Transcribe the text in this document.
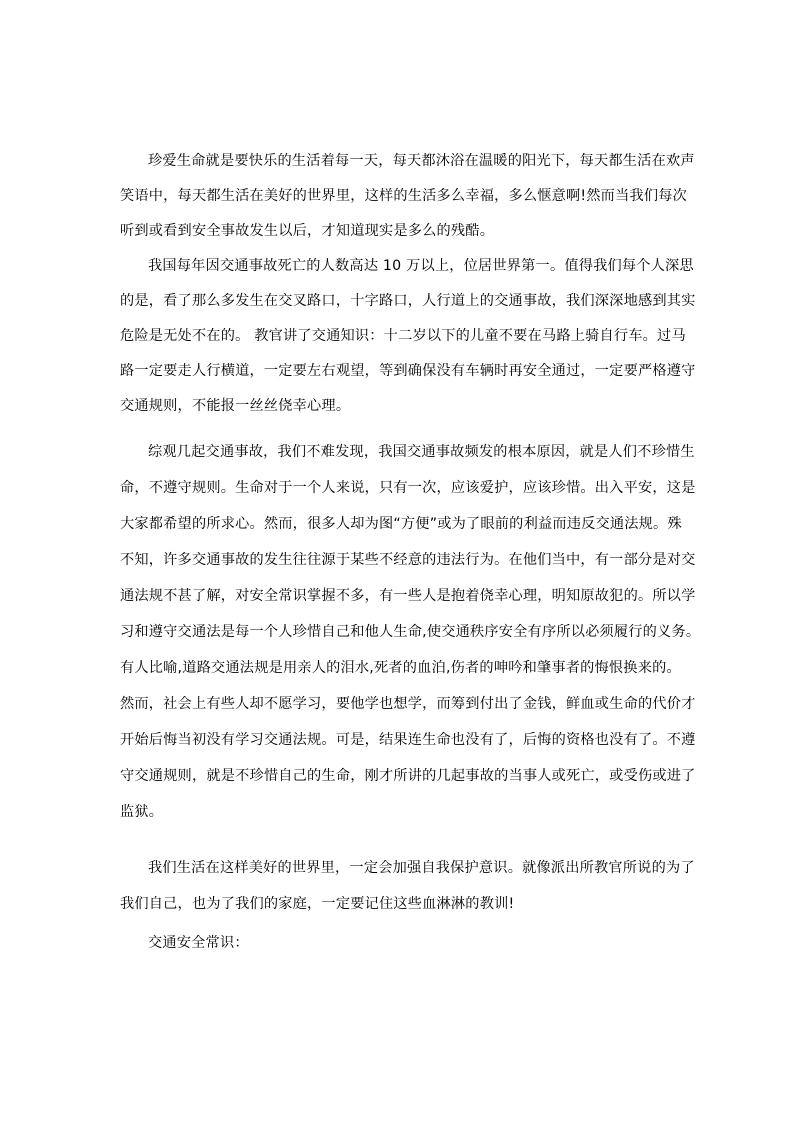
珍爱生命就是要快乐的生活着每一天，每天都沐浴在温暖的阳光下，每天都生活在欢声
笑语中，每天都生活在美好的世界里，这样的生活多么幸福，多么惬意啊!然而当我们每次
听到或看到安全事故发生以后，才知道现实是多么的残酷。
我国每年因交通事故死亡的人数高达 10 万以上，位居世界第一。值得我们每个人深思
的是，看了那么多发生在交叉路口，十字路口，人行道上的交通事故，我们深深地感到其实
危险是无处不在的。 教官讲了交通知识：十二岁以下的儿童不要在马路上骑自行车。过马
路一定要走人行横道，一定要左右观望，等到确保没有车辆时再安全通过，一定要严格遵守
交通规则，不能报一丝丝侥幸心理。
综观几起交通事故，我们不难发现，我国交通事故频发的根本原因，就是人们不珍惜生
命，不遵守规则。生命对于一个人来说，只有一次，应该爱护，应该珍惜。出入平安，这是
大家都希望的所求心。然而，很多人却为图“方便”或为了眼前的利益而违反交通法规。殊
不知，许多交通事故的发生往往源于某些不经意的违法行为。在他们当中，有一部分是对交
通法规不甚了解，对安全常识掌握不多，有一些人是抱着侥幸心理，明知原故犯的。所以学
习和遵守交通法是每一个人珍惜自己和他人生命,使交通秩序安全有序所以必须履行的义务。
有人比喻,道路交通法规是用亲人的泪水,死者的血泊,伤者的呻吟和肇事者的悔恨换来的。
然而，社会上有些人却不愿学习，要他学也想学，而筹到付出了金钱，鲜血或生命的代价才
开始后悔当初没有学习交通法规。可是，结果连生命也没有了，后悔的资格也没有了。不遵
守交通规则，就是不珍惜自己的生命，刚才所讲的几起事故的当事人或死亡，或受伤或进了
监狱。
我们生活在这样美好的世界里，一定会加强自我保护意识。就像派出所教官所说的为了
我们自己，也为了我们的家庭，一定要记住这些血淋淋的教训!
交通安全常识：
